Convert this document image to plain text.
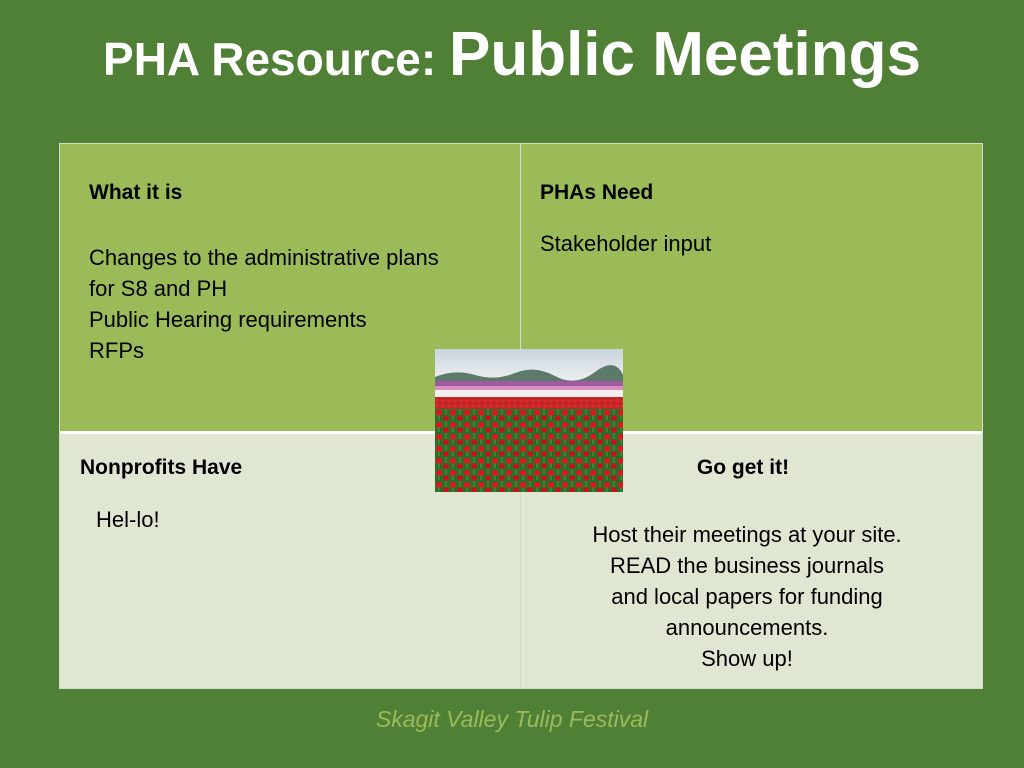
PHA Resource: Public Meetings
What it is
Changes to the administrative plans
for S8 and PH
Public Hearing requirements
RFPs
PHAs Need
Stakeholder input
Nonprofits Have
Hel-lo!
Go get it!
Host their meetings at your site.
READ the business journals
and local papers for funding
announcements.
Show up!
Skagit Valley Tulip Festival
